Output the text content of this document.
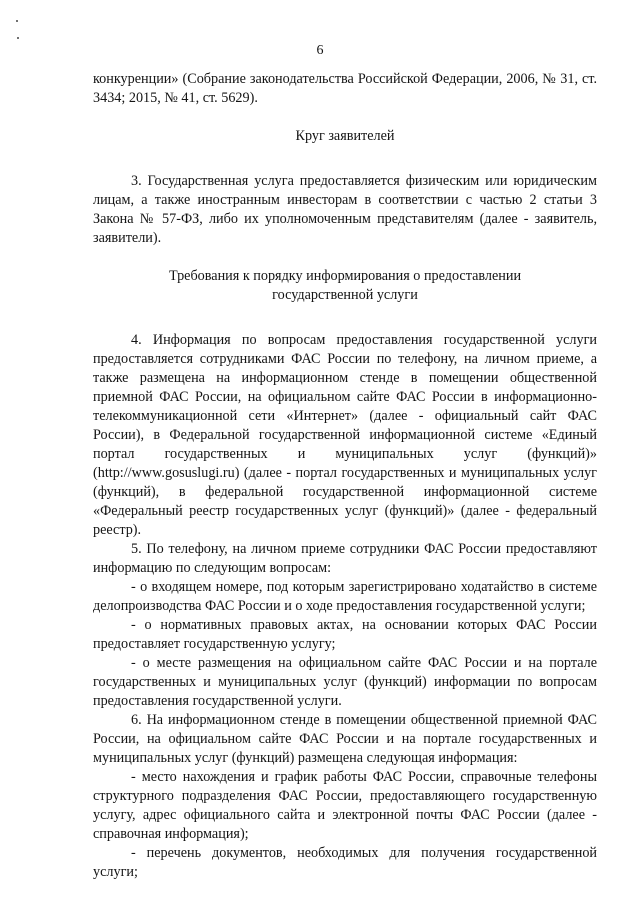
6

конкуренции» (Собрание законодательства Российской Федерации, 2006, № 31, ст. 3434; 2015, № 41, ст. 5629).

Круг заявителей

3. Государственная услуга предоставляется физическим или юридическим лицам, а также иностранным инвесторам в соответствии с частью 2 статьи 3 Закона № 57-ФЗ, либо их уполномоченным представителям (далее - заявитель, заявители).

Требования к порядку информирования о предоставлении государственной услуги

4. Информация по вопросам предоставления государственной услуги предоставляется сотрудниками ФАС России по телефону, на личном приеме, а также размещена на информационном стенде в помещении общественной приемной ФАС России, на официальном сайте ФАС России в информационно-телекоммуникационной сети «Интернет» (далее - официальный сайт ФАС России), в Федеральной государственной информационной системе «Единый портал государственных и муниципальных услуг (функций)» (http://www.gosuslugi.ru) (далее - портал государственных и муниципальных услуг (функций), в федеральной государственной информационной системе «Федеральный реестр государственных услуг (функций)» (далее - федеральный реестр).

5. По телефону, на личном приеме сотрудники ФАС России предоставляют информацию по следующим вопросам:

- о входящем номере, под которым зарегистрировано ходатайство в системе делопроизводства ФАС России и о ходе предоставления государственной услуги;

- о нормативных правовых актах, на основании которых ФАС России предоставляет государственную услугу;

- о месте размещения на официальном сайте ФАС России и на портале государственных и муниципальных услуг (функций) информации по вопросам предоставления государственной услуги.

6. На информационном стенде в помещении общественной приемной ФАС России, на официальном сайте ФАС России и на портале государственных и муниципальных услуг (функций) размещена следующая информация:

- место нахождения и график работы ФАС России, справочные телефоны структурного подразделения ФАС России, предоставляющего государственную услугу, адрес официального сайта и электронной почты ФАС России (далее - справочная информация);

- перечень документов, необходимых для получения государственной услуги;
